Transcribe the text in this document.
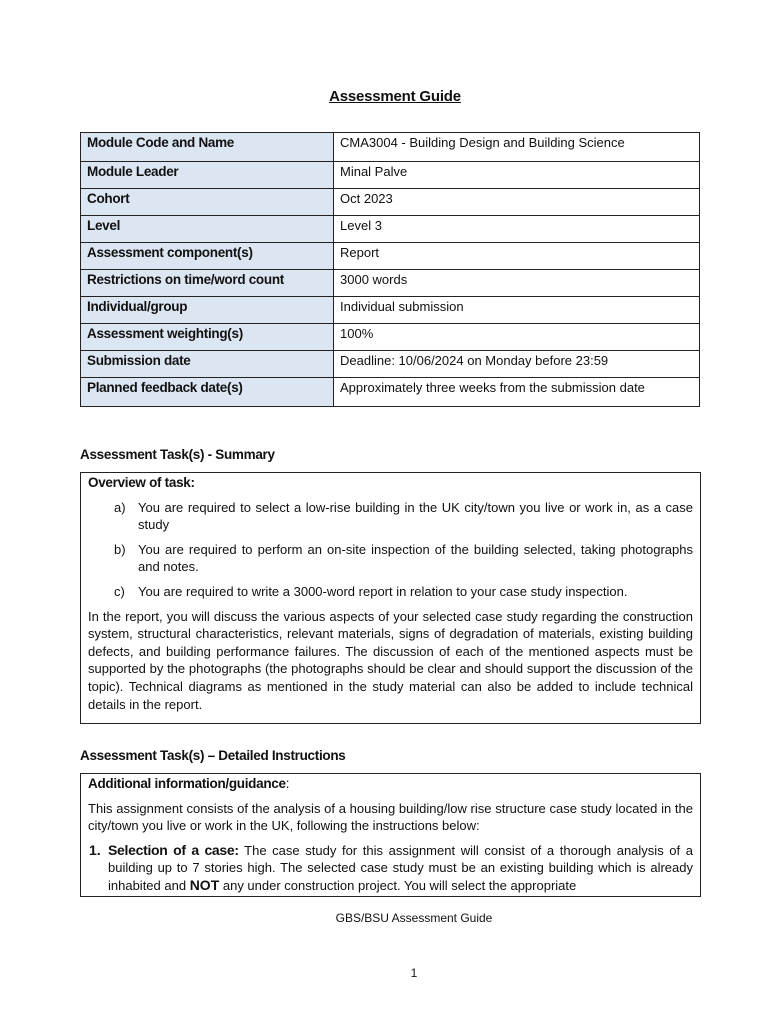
Assessment Guide
Module Code and Name	CMA3004 - Building Design and Building Science
Module Leader	Minal Palve
Cohort	Oct 2023
Level	Level 3
Assessment component(s)	Report
Restrictions on time/word count	3000 words
Individual/group	Individual submission
Assessment weighting(s)	100%
Submission date	Deadline: 10/06/2024 on Monday before 23:59
Planned feedback date(s)	Approximately three weeks from the submission date
Assessment Task(s) - Summary
Overview of task:
a) You are required to select a low-rise building in the UK city/town you live or work in, as a case study
b) You are required to perform an on-site inspection of the building selected, taking photographs and notes.
c) You are required to write a 3000-word report in relation to your case study inspection.
In the report, you will discuss the various aspects of your selected case study regarding the construction system, structural characteristics, relevant materials, signs of degradation of materials, existing building defects, and building performance failures. The discussion of each of the mentioned aspects must be supported by the photographs (the photographs should be clear and should support the discussion of the topic). Technical diagrams as mentioned in the study material can also be added to include technical details in the report.
Assessment Task(s) – Detailed Instructions
Additional information/guidance:
This assignment consists of the analysis of a housing building/low rise structure case study located in the city/town you live or work in the UK, following the instructions below:
1. Selection of a case: The case study for this assignment will consist of a thorough analysis of a building up to 7 stories high. The selected case study must be an existing building which is already inhabited and NOT any under construction project. You will select the appropriate
GBS/BSU Assessment Guide
1
